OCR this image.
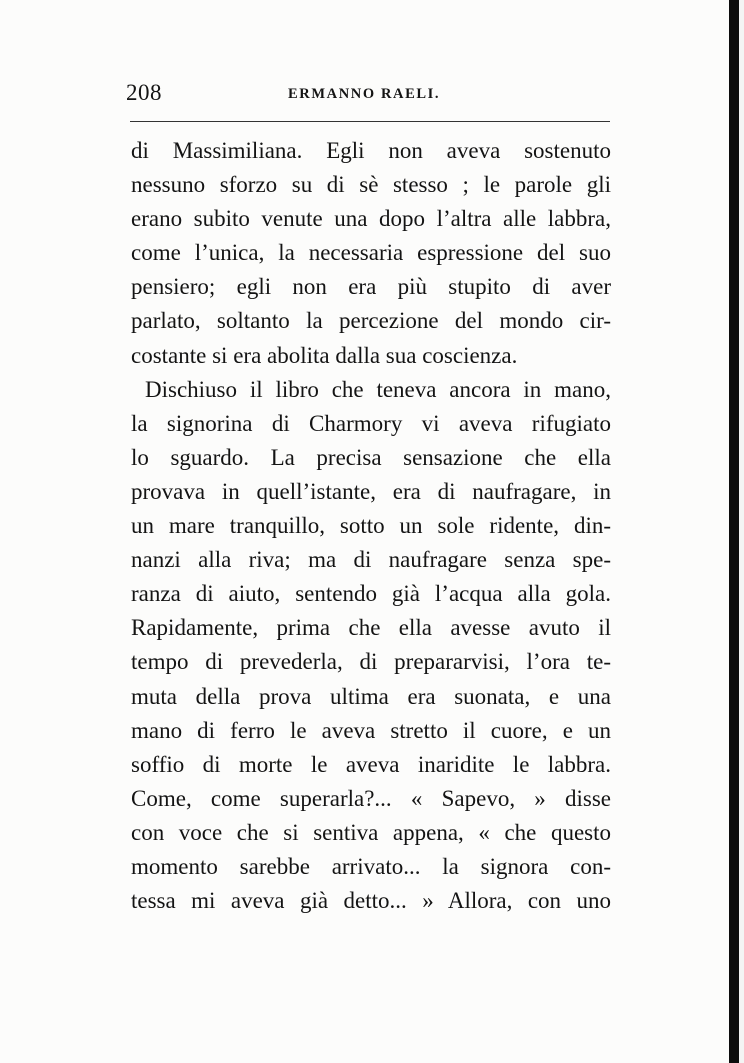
208	ERMANNO RAELI.
di Massimiliana. Egli non aveva sostenuto
nessuno sforzo su di sè stesso ; le parole gli
erano subito venute una dopo l’altra alle labbra,
come l’unica, la necessaria espressione del suo
pensiero; egli non era più stupito di aver
parlato, soltanto la percezione del mondo cir-
costante si era abolita dalla sua coscienza.
Dischiuso il libro che teneva ancora in mano,
la signorina di Charmory vi aveva rifugiato
lo sguardo. La precisa sensazione che ella
provava in quell’istante, era di naufragare, in
un mare tranquillo, sotto un sole ridente, din-
nanzi alla riva; ma di naufragare senza spe-
ranza di aiuto, sentendo già l’acqua alla gola.
Rapidamente, prima che ella avesse avuto il
tempo di prevederla, di prepararvisi, l’ora te-
muta della prova ultima era suonata, e una
mano di ferro le aveva stretto il cuore, e un
soffio di morte le aveva inaridite le labbra.
Come, come superarla?... « Sapevo, » disse
con voce che si sentiva appena, « che questo
momento sarebbe arrivato... la signora con-
tessa mi aveva già detto... » Allora, con uno
